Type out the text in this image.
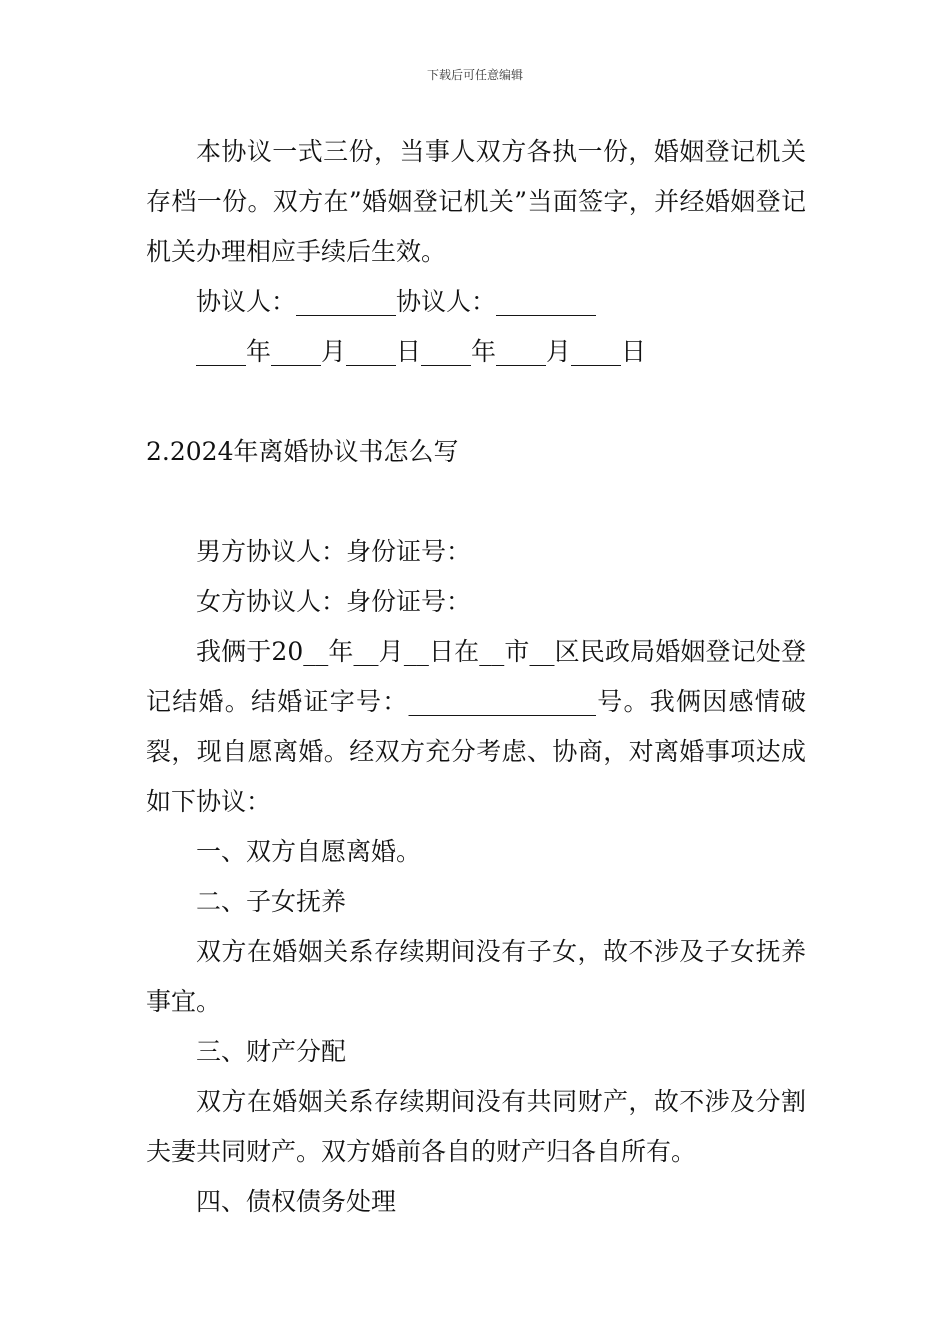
下载后可任意编辑

本协议一式三份，当事人双方各执一份，婚姻登记机关存档一份。双方在”婚姻登记机关”当面签字，并经婚姻登记机关办理相应手续后生效。

协议人：________协议人：________

____年____月____日____年____月____日

2.2024年离婚协议书怎么写

男方协议人：身份证号：

女方协议人：身份证号：

我俩于20__年__月__日在__市__区民政局婚姻登记处登记结婚。结婚证字号：_______________号。我俩因感情破裂，现自愿离婚。经双方充分考虑、协商，对离婚事项达成如下协议：

一、双方自愿离婚。

二、子女抚养

双方在婚姻关系存续期间没有子女，故不涉及子女抚养事宜。

三、财产分配

双方在婚姻关系存续期间没有共同财产，故不涉及分割夫妻共同财产。双方婚前各自的财产归各自所有。

四、债权债务处理
